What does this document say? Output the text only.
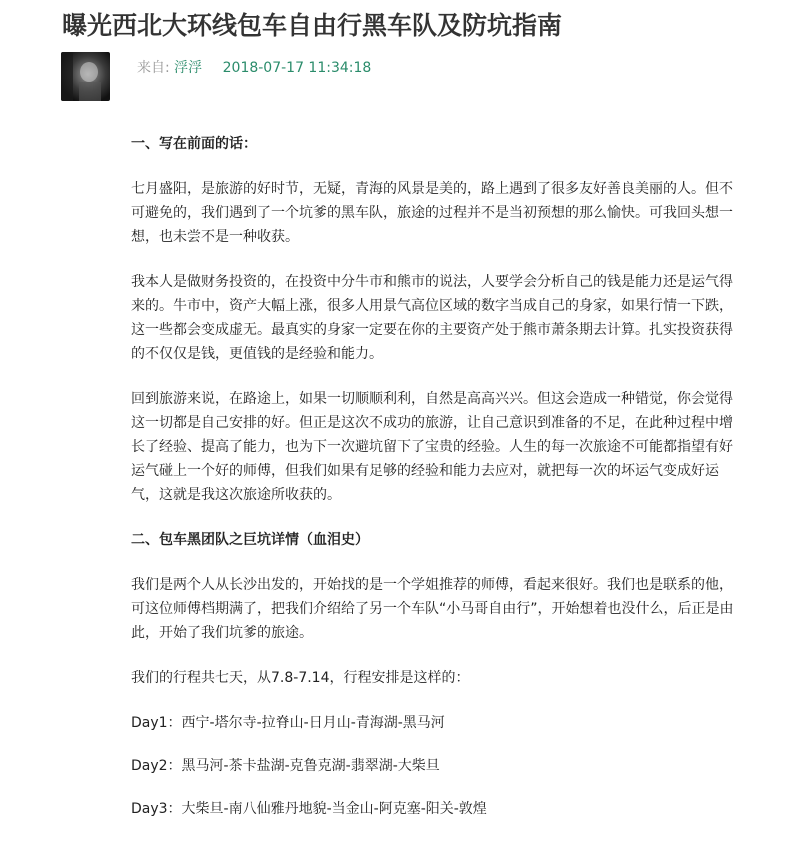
曝光西北大环线包车自由行黑车队及防坑指南
来自: 浮浮 2018-07-17 11:34:18

一、写在前面的话：

七月盛阳，是旅游的好时节，无疑，青海的风景是美的，路上遇到了很多友好善良美丽的人。但不可避免的，我们遇到了一个坑爹的黑车队，旅途的过程并不是当初预想的那么愉快。可我回头想一想，也未尝不是一种收获。

我本人是做财务投资的，在投资中分牛市和熊市的说法，人要学会分析自己的钱是能力还是运气得来的。牛市中，资产大幅上涨，很多人用景气高位区域的数字当成自己的身家，如果行情一下跌，这一些都会变成虚无。最真实的身家一定要在你的主要资产处于熊市萧条期去计算。扎实投资获得的不仅仅是钱，更值钱的是经验和能力。

回到旅游来说，在路途上，如果一切顺顺利利，自然是高高兴兴。但这会造成一种错觉，你会觉得这一切都是自己安排的好。但正是这次不成功的旅游，让自己意识到准备的不足，在此种过程中增长了经验、提高了能力，也为下一次避坑留下了宝贵的经验。人生的每一次旅途不可能都指望有好运气碰上一个好的师傅，但我们如果有足够的经验和能力去应对，就把每一次的坏运气变成好运气，这就是我这次旅途所收获的。

二、包车黑团队之巨坑详情（血泪史）

我们是两个人从长沙出发的，开始找的是一个学姐推荐的师傅，看起来很好。我们也是联系的他，可这位师傅档期满了，把我们介绍给了另一个车队“小马哥自由行”，开始想着也没什么，后正是由此，开始了我们坑爹的旅途。

我们的行程共七天，从7.8-7.14，行程安排是这样的：

Day1：西宁-塔尔寺-拉脊山-日月山-青海湖-黑马河

Day2：黑马河-茶卡盐湖-克鲁克湖-翡翠湖-大柴旦

Day3：大柴旦-南八仙雅丹地貌-当金山-阿克塞-阳关-敦煌
